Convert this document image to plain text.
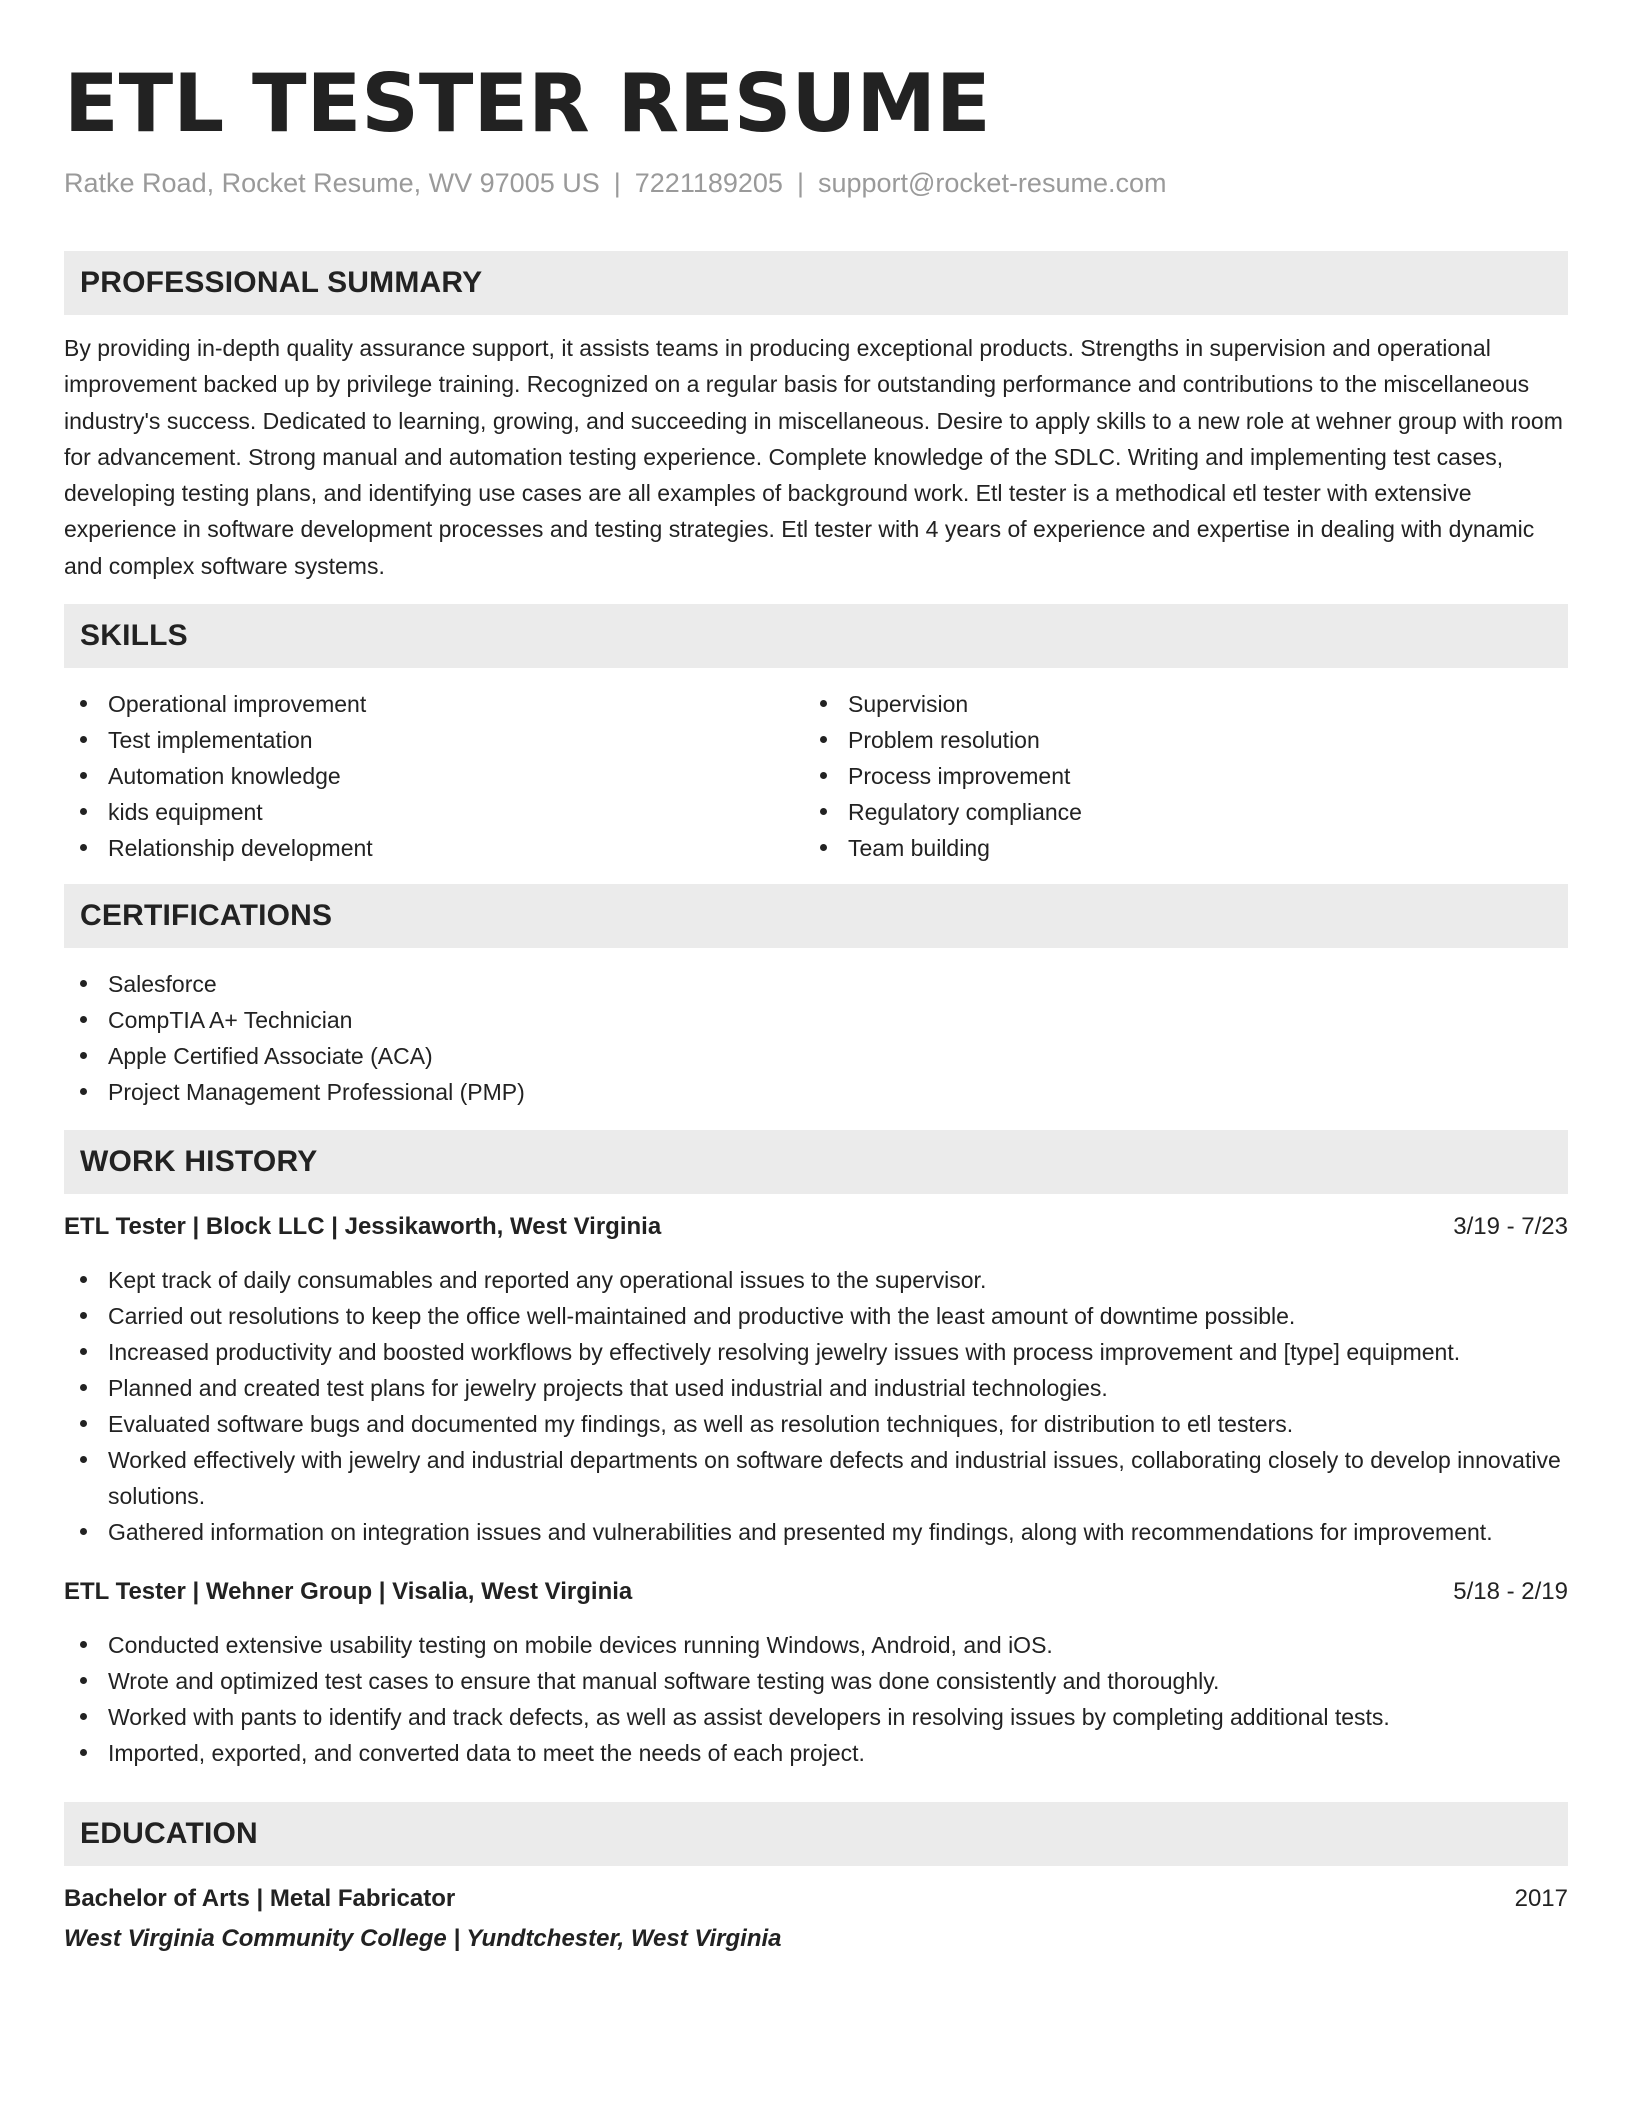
ETL TESTER RESUME
Ratke Road, Rocket Resume, WV 97005 US | 7221189205 | support@rocket-resume.com
PROFESSIONAL SUMMARY

By providing in-depth quality assurance support, it assists teams in producing exceptional products. Strengths in supervision and operational improvement backed up by privilege training. Recognized on a regular basis for outstanding performance and contributions to the miscellaneous industry's success. Dedicated to learning, growing, and succeeding in miscellaneous. Desire to apply skills to a new role at wehner group with room for advancement. Strong manual and automation testing experience. Complete knowledge of the SDLC. Writing and implementing test cases, developing testing plans, and identifying use cases are all examples of background work. Etl tester is a methodical etl tester with extensive experience in software development processes and testing strategies. Etl tester with 4 years of experience and expertise in dealing with dynamic and complex software systems.

SKILLS
Operational improvement
Test implementation
Automation knowledge
kids equipment
Relationship development
Supervision
Problem resolution
Process improvement
Regulatory compliance
Team building
CERTIFICATIONS
Salesforce
CompTIA A+ Technician
Apple Certified Associate (ACA)
Project Management Professional (PMP)
WORK HISTORY
ETL Tester | Block LLC | Jessikaworth, West Virginia	3/19 - 7/23
Kept track of daily consumables and reported any operational issues to the supervisor.
Carried out resolutions to keep the office well-maintained and productive with the least amount of downtime possible.
Increased productivity and boosted workflows by effectively resolving jewelry issues with process improvement and [type] equipment.
Planned and created test plans for jewelry projects that used industrial and industrial technologies.
Evaluated software bugs and documented my findings, as well as resolution techniques, for distribution to etl testers.
Worked effectively with jewelry and industrial departments on software defects and industrial issues, collaborating closely to develop innovative solutions.
Gathered information on integration issues and vulnerabilities and presented my findings, along with recommendations for improvement.
ETL Tester | Wehner Group | Visalia, West Virginia	5/18 - 2/19
Conducted extensive usability testing on mobile devices running Windows, Android, and iOS.
Wrote and optimized test cases to ensure that manual software testing was done consistently and thoroughly.
Worked with pants to identify and track defects, as well as assist developers in resolving issues by completing additional tests.
Imported, exported, and converted data to meet the needs of each project.
EDUCATION
Bachelor of Arts | Metal Fabricator	2017
West Virginia Community College | Yundtchester, West Virginia
